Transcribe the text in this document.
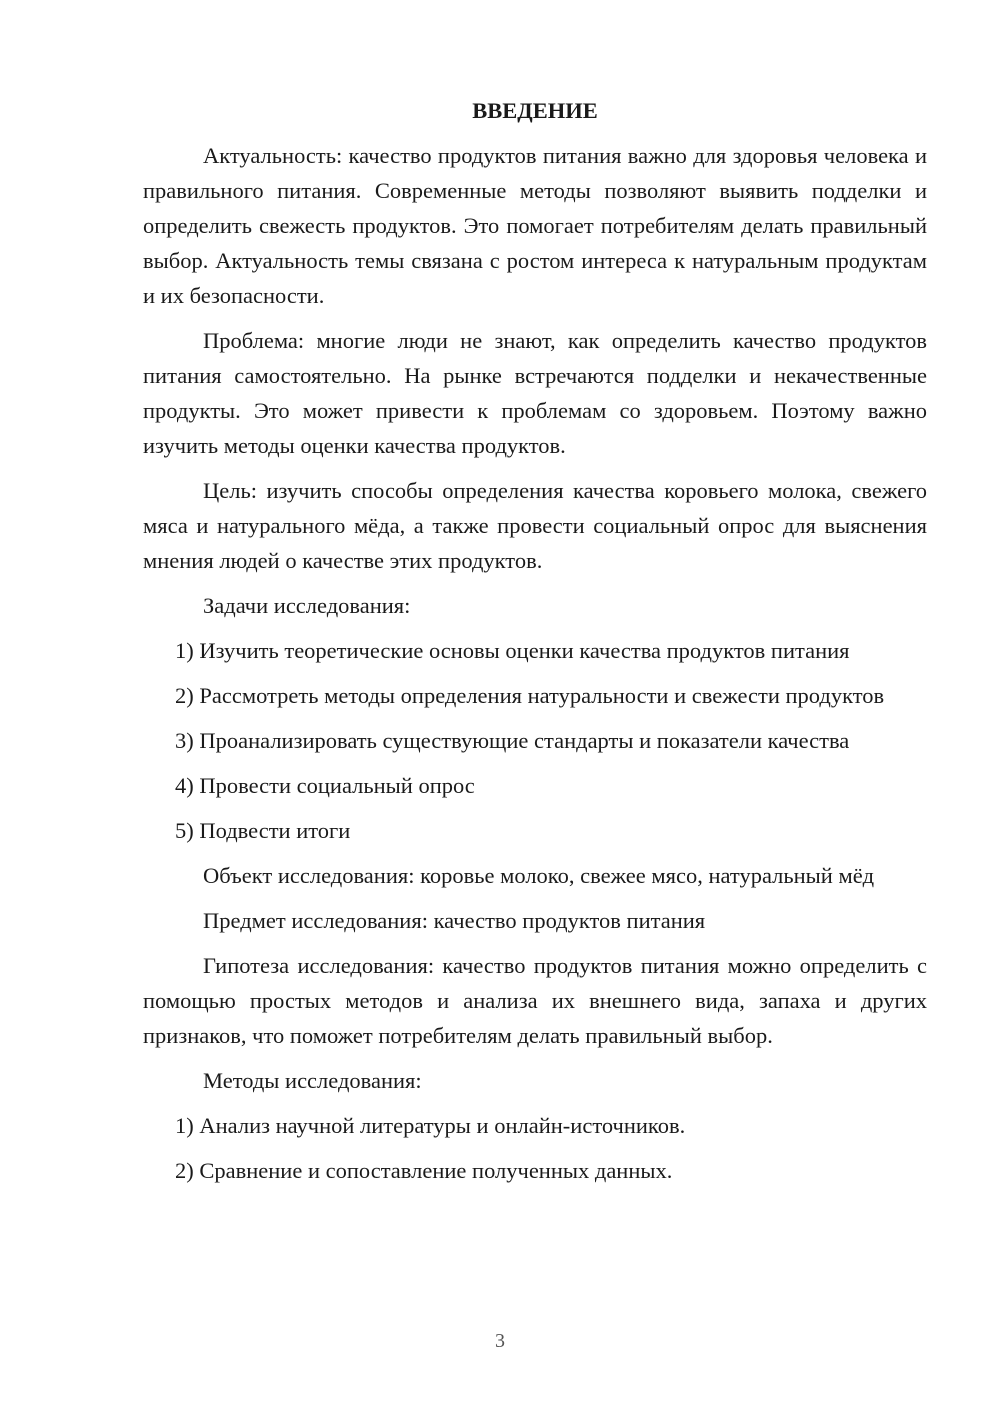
ВВЕДЕНИЕ
Актуальность: качество продуктов питания важно для здоровья человека и правильного питания. Современные методы позволяют выявить подделки и определить свежесть продуктов. Это помогает потребителям делать правильный выбор. Актуальность темы связана с ростом интереса к натуральным продуктам и их безопасности.
Проблема: многие люди не знают, как определить качество продуктов питания самостоятельно. На рынке встречаются подделки и некачественные продукты. Это может привести к проблемам со здоровьем. Поэтому важно изучить методы оценки качества продуктов.
Цель: изучить способы определения качества коровьего молока, свежего мяса и натурального мёда, а также провести социальный опрос для выяснения мнения людей о качестве этих продуктов.
Задачи исследования:
1) Изучить теоретические основы оценки качества продуктов питания
2) Рассмотреть методы определения натуральности и свежести продуктов
3) Проанализировать существующие стандарты и показатели качества
4) Провести социальный опрос
5) Подвести итоги
Объект исследования: коровье молоко, свежее мясо, натуральный мёд
Предмет исследования: качество продуктов питания
Гипотеза исследования: качество продуктов питания можно определить с помощью простых методов и анализа их внешнего вида, запаха и других признаков, что поможет потребителям делать правильный выбор.
Методы исследования:
1) Анализ научной литературы и онлайн-источников.
2) Сравнение и сопоставление полученных данных.
3
